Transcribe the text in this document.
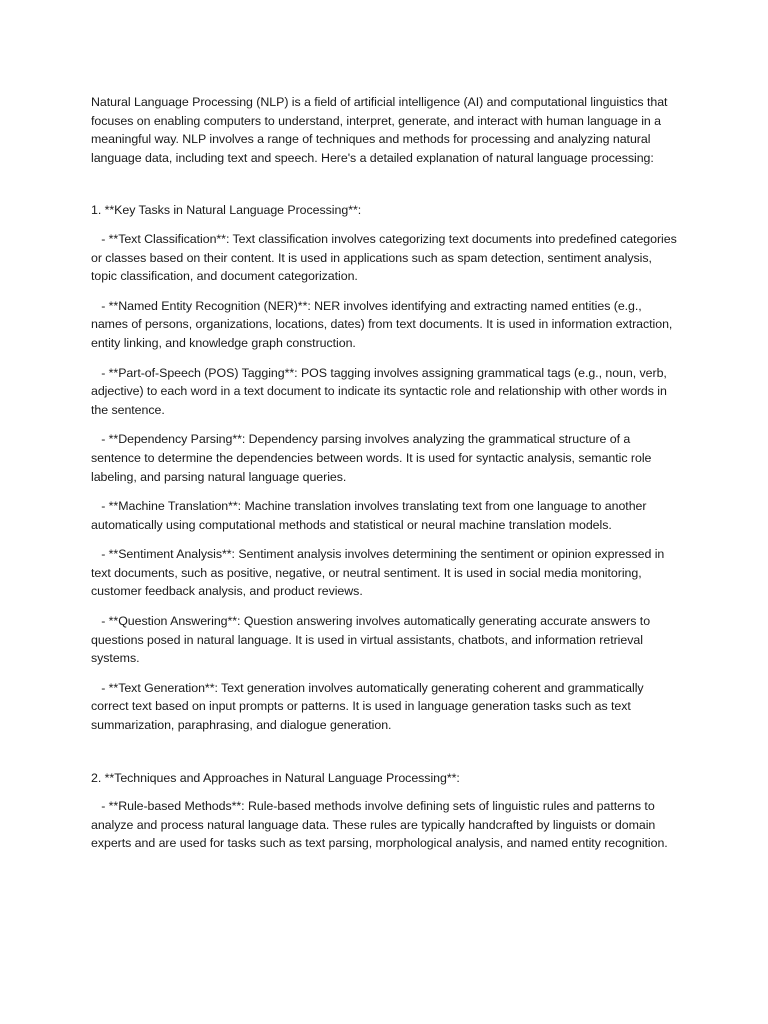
Natural Language Processing (NLP) is a field of artificial intelligence (AI) and computational linguistics that focuses on enabling computers to understand, interpret, generate, and interact with human language in a meaningful way. NLP involves a range of techniques and methods for processing and analyzing natural language data, including text and speech. Here's a detailed explanation of natural language processing:

1. **Key Tasks in Natural Language Processing**:

- **Text Classification**: Text classification involves categorizing text documents into predefined categories or classes based on their content. It is used in applications such as spam detection, sentiment analysis, topic classification, and document categorization.

- **Named Entity Recognition (NER)**: NER involves identifying and extracting named entities (e.g., names of persons, organizations, locations, dates) from text documents. It is used in information extraction, entity linking, and knowledge graph construction.

- **Part-of-Speech (POS) Tagging**: POS tagging involves assigning grammatical tags (e.g., noun, verb, adjective) to each word in a text document to indicate its syntactic role and relationship with other words in the sentence.

- **Dependency Parsing**: Dependency parsing involves analyzing the grammatical structure of a sentence to determine the dependencies between words. It is used for syntactic analysis, semantic role labeling, and parsing natural language queries.

- **Machine Translation**: Machine translation involves translating text from one language to another automatically using computational methods and statistical or neural machine translation models.

- **Sentiment Analysis**: Sentiment analysis involves determining the sentiment or opinion expressed in text documents, such as positive, negative, or neutral sentiment. It is used in social media monitoring, customer feedback analysis, and product reviews.

- **Question Answering**: Question answering involves automatically generating accurate answers to questions posed in natural language. It is used in virtual assistants, chatbots, and information retrieval systems.

- **Text Generation**: Text generation involves automatically generating coherent and grammatically correct text based on input prompts or patterns. It is used in language generation tasks such as text summarization, paraphrasing, and dialogue generation.

2. **Techniques and Approaches in Natural Language Processing**:

- **Rule-based Methods**: Rule-based methods involve defining sets of linguistic rules and patterns to analyze and process natural language data. These rules are typically handcrafted by linguists or domain experts and are used for tasks such as text parsing, morphological analysis, and named entity recognition.
